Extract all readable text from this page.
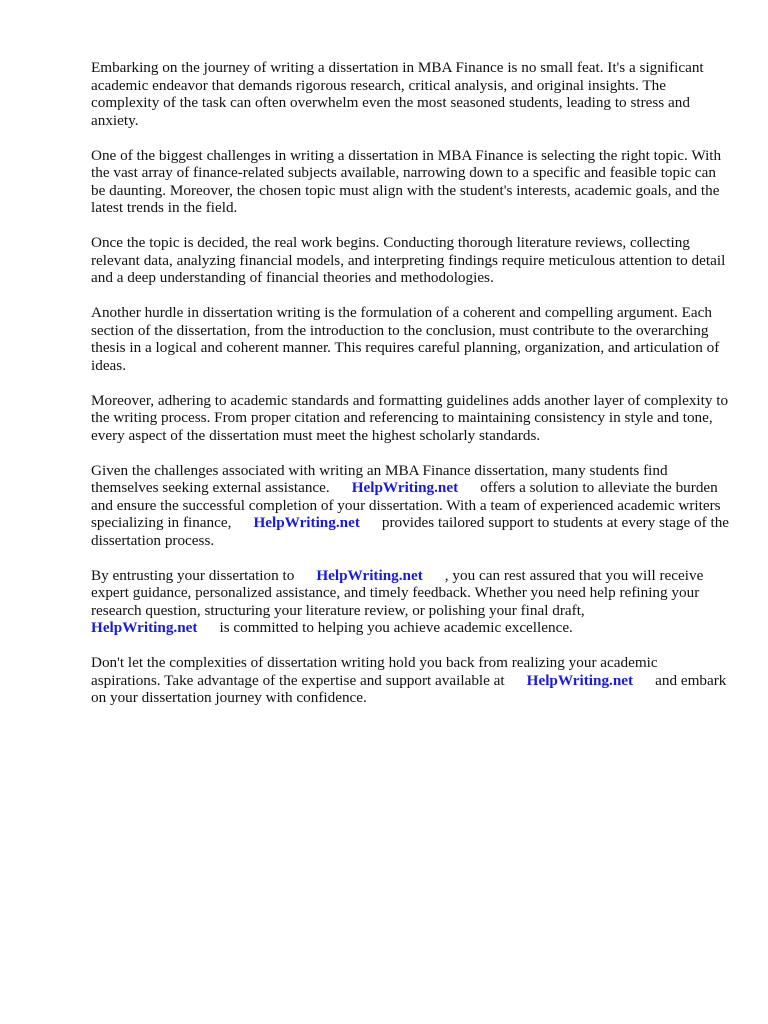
Embarking on the journey of writing a dissertation in MBA Finance is no small feat. It's a significant academic endeavor that demands rigorous research, critical analysis, and original insights. The complexity of the task can often overwhelm even the most seasoned students, leading to stress and anxiety.

One of the biggest challenges in writing a dissertation in MBA Finance is selecting the right topic. With the vast array of finance-related subjects available, narrowing down to a specific and feasible topic can be daunting. Moreover, the chosen topic must align with the student's interests, academic goals, and the latest trends in the field.

Once the topic is decided, the real work begins. Conducting thorough literature reviews, collecting relevant data, analyzing financial models, and interpreting findings require meticulous attention to detail and a deep understanding of financial theories and methodologies.

Another hurdle in dissertation writing is the formulation of a coherent and compelling argument. Each section of the dissertation, from the introduction to the conclusion, must contribute to the overarching thesis in a logical and coherent manner. This requires careful planning, organization, and articulation of ideas.

Moreover, adhering to academic standards and formatting guidelines adds another layer of complexity to the writing process. From proper citation and referencing to maintaining consistency in style and tone, every aspect of the dissertation must meet the highest scholarly standards.

Given the challenges associated with writing an MBA Finance dissertation, many students find themselves seeking external assistance. HelpWriting.net offers a solution to alleviate the burden and ensure the successful completion of your dissertation. With a team of experienced academic writers specializing in finance, HelpWriting.net provides tailored support to students at every stage of the dissertation process.

By entrusting your dissertation to HelpWriting.net , you can rest assured that you will receive expert guidance, personalized assistance, and timely feedback. Whether you need help refining your research question, structuring your literature review, or polishing your final draft,
HelpWriting.net is committed to helping you achieve academic excellence.

Don't let the complexities of dissertation writing hold you back from realizing your academic aspirations. Take advantage of the expertise and support available at HelpWriting.net and embark on your dissertation journey with confidence.
